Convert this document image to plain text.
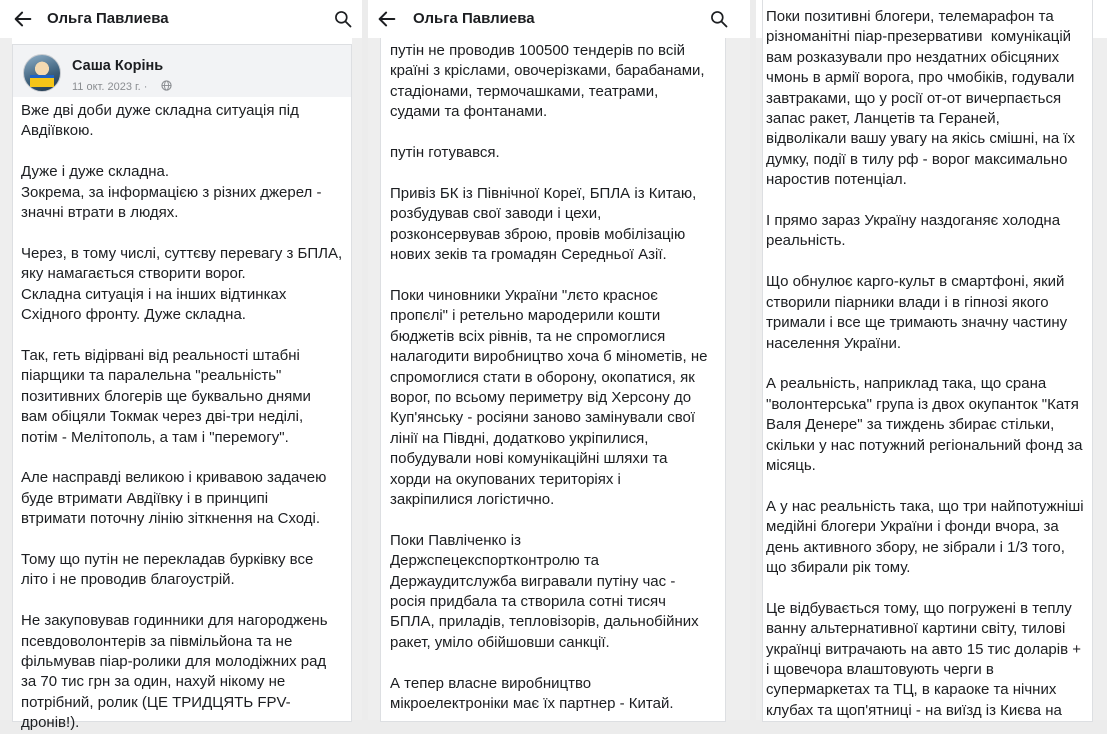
Саша Корінь
11 окт. 2023 г. ·
Ольга Павлиева

Вже дві доби дуже складна ситуація під
Авдіївкою.

Дуже і дуже складна.
Зокрема, за інформацією з різних джерел -
значні втрати в людях.

Через, в тому числі, суттєву перевагу з БПЛА,
яку намагається створити ворог.
Складна ситуація і на інших відтинках
Східного фронту. Дуже складна.

Так, геть відірвані від реальності штабні
піарщики та паралельна "реальність"
позитивних блогерів ще буквально днями
вам обіцяли Токмак через дві-три неділі,
потім - Мелітополь, а там і "перемогу".

Але насправді великою і кривавою задачею
буде втримати Авдіївку і в принципі
втримати поточну лінію зіткнення на Сході.

Тому що путін не перекладав бурківку все
літо і не проводив благоустрій.

Не закуповував годинники для нагороджень
псевдоволонтерів за півмільйона та не
фільмував піар-ролики для молодіжних рад
за 70 тис грн за один, нахуй нікому не
потрібний, ролик (ЦЕ ТРИДЦЯТЬ FPV-
дронів!).

путін не проводив 100500 тендерів по всій
країні з кріслами, овочерізками, барабанами,
стадіонами, термочашками, театрами,
судами та фонтанами.

путін готувався.

Привіз БК із Північної Кореї, БПЛА із Китаю,
розбудував свої заводи і цехи,
розконсервував зброю, провів мобілізацію
нових зеків та громадян Середньої Азії.

Поки чиновники України "лєто красноє
пропєлі" і ретельно мародерили кошти
бюджетів всіх рівнів, та не спромоглися
налагодити виробництво хоча б мінометів, не
спромоглися стати в оборону, окопатися, як
ворог, по всьому периметру від Херсону до
Куп'янську - росіяни заново замінували свої
лінії на Півдні, додатково укріпилися,
побудували нові комунікаційні шляхи та
хорди на окупованих територіях і
закріпилися логістично.

Поки Павліченко із
Держспецекспортконтролю та
Держаудитслужба вигравали путіну час -
росія придбала та створила сотні тисяч
БПЛА, приладів, тепловізорів, дальнобійних
ракет, уміло обійшовши санкції.

А тепер власне виробництво
мікроелектроніки має їх партнер - Китай.

Ольга Павлиева	Поки позитивні блогери, телемарафон та
різноманітні піар-презервативи  комунікацій
вам розказували про нездатних обісцяних
чмонь в армії ворога, про чмобіків, годували
завтраками, що у росії от-от вичерпається
запас ракет, Ланцетів та Гераней,
відволікали вашу увагу на якісь смішні, на їх
думку, події в тилу рф - ворог максимально
наростив потенціал.

І прямо зараз Україну наздоганяє холодна
реальність.

Що обнулює карго-культ в смартфоні, який
створили піарники влади і в гіпнозі якого
тримали і все ще тримають значну частину
населення України.

А реальність, наприклад така, що срана
"волонтерська" група із двох окупанток "Катя
Валя Денере" за тиждень збирає стільки,
скільки у нас потужний регіональний фонд за
місяць.

А у нас реальність така, що три найпотужніші
медійні блогери України і фонди вчора, за
день активного збору, не зібрали і 1/3 того,
що збирали рік тому.

Це відбувається тому, що погружені в теплу
ванну альтернативної картини світу, тилові
українці витрачають на авто 15 тис доларів +
і щовечора влаштовують черги в
супермаркетах та ТЦ, в караоке та нічних
клубах та щоп'ятниці - на виїзд із Києва на
